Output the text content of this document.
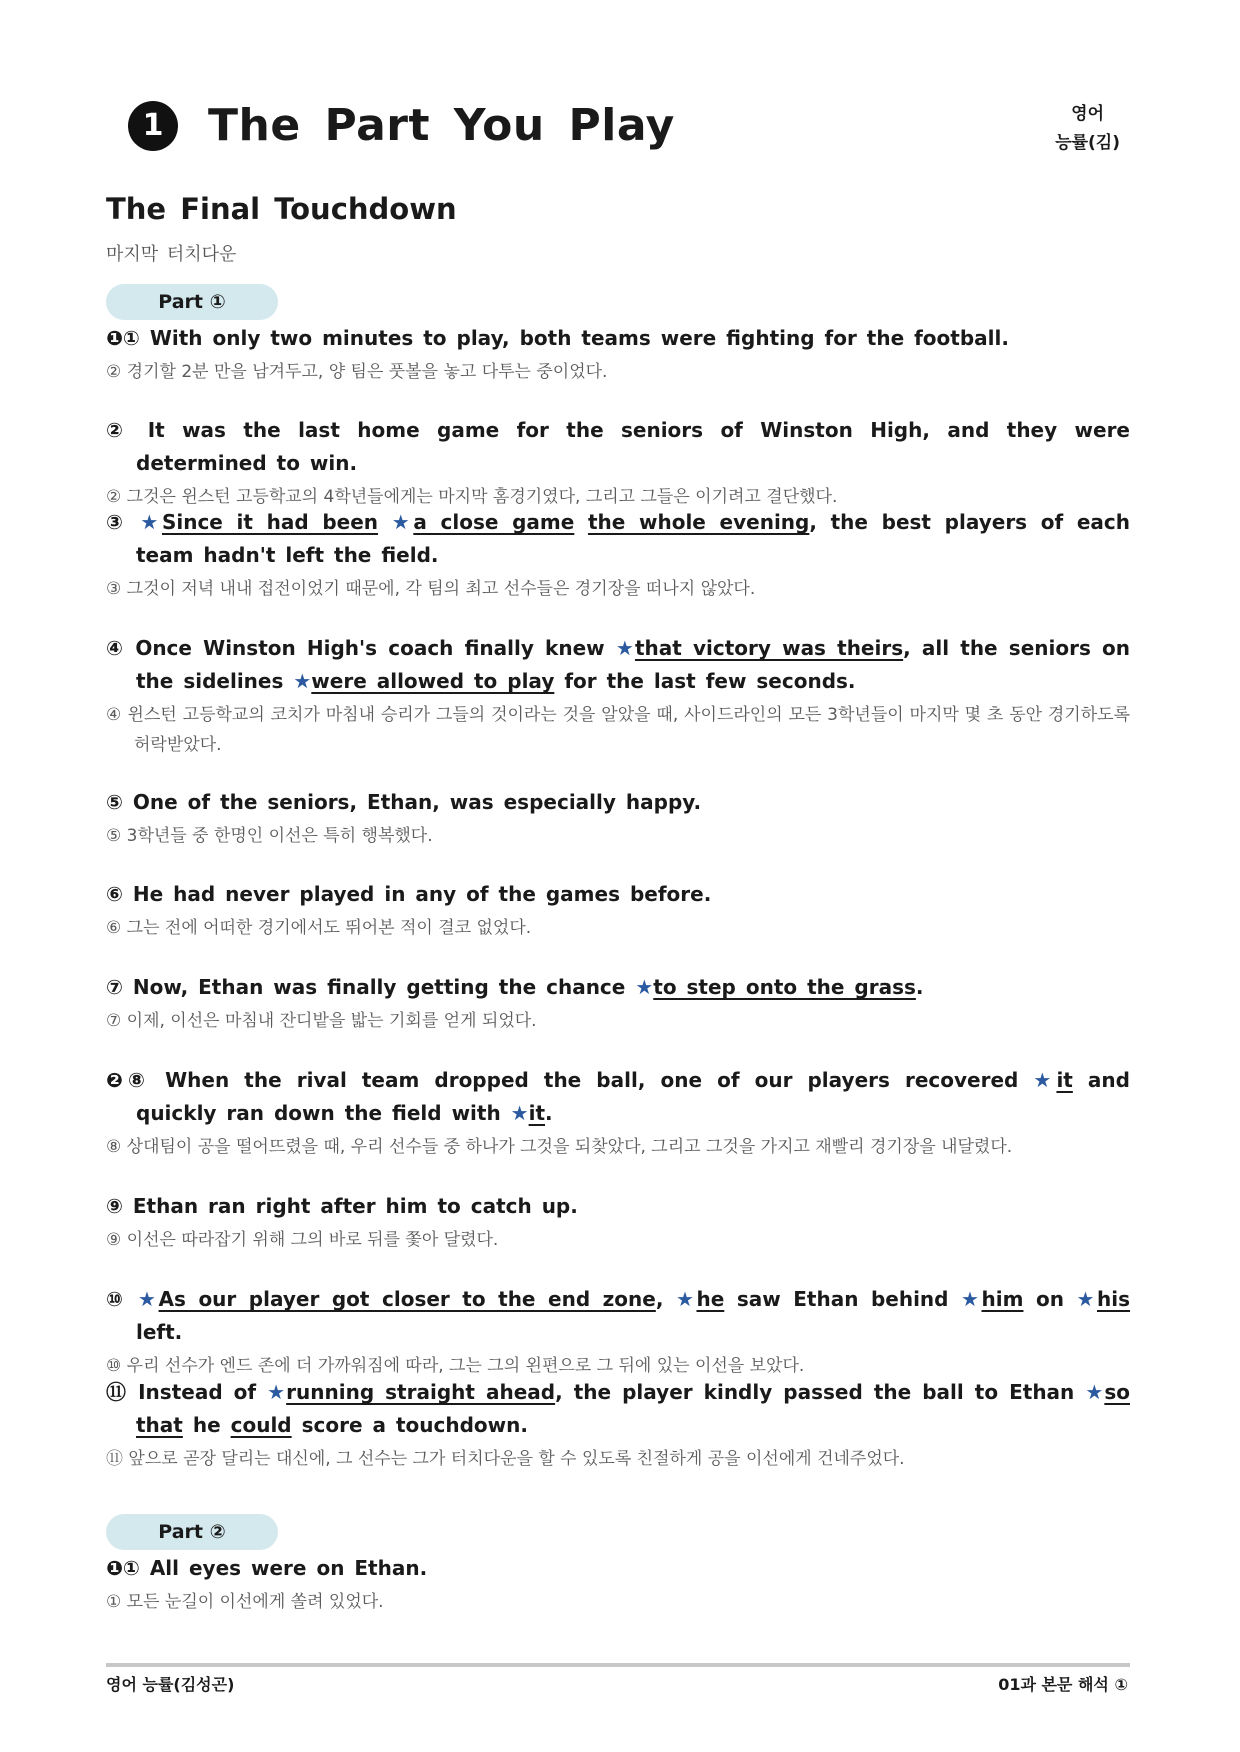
1	The Part You Play	영어
능률(김)
The Final Touchdown
마지막 터치다운
Part ①
❶① With only two minutes to play, both teams were fighting for the football.
② 경기할 2분 만을 남겨두고, 양 팀은 풋볼을 놓고 다투는 중이었다.
② It was the last home game for the seniors of Winston High, and they were determined to win.
② 그것은 윈스턴 고등학교의 4학년들에게는 마지막 홈경기였다, 그리고 그들은 이기려고 결단했다.
③ ★Since it had been ★a close game the whole evening, the best players of each team hadn't left the field.
③ 그것이 저녁 내내 접전이었기 때문에, 각 팀의 최고 선수들은 경기장을 떠나지 않았다.
④ Once Winston High's coach finally knew ★that victory was theirs, all the seniors on the sidelines ★were allowed to play for the last few seconds.
④ 윈스턴 고등학교의 코치가 마침내 승리가 그들의 것이라는 것을 알았을 때, 사이드라인의 모든 3학년들이 마지막 몇 초 동안 경기하도록 허락받았다.
⑤ One of the seniors, Ethan, was especially happy.
⑤ 3학년들 중 한명인 이선은 특히 행복했다.
⑥ He had never played in any of the games before.
⑥ 그는 전에 어떠한 경기에서도 뛰어본 적이 결코 없었다.
⑦ Now, Ethan was finally getting the chance ★to step onto the grass.
⑦ 이제, 이선은 마침내 잔디밭을 밟는 기회를 얻게 되었다.
❷⑧ When the rival team dropped the ball, one of our players recovered ★it and quickly ran down the field with ★it.
⑧ 상대팀이 공을 떨어뜨렸을 때, 우리 선수들 중 하나가 그것을 되찾았다, 그리고 그것을 가지고 재빨리 경기장을 내달렸다.
⑨ Ethan ran right after him to catch up.
⑨ 이선은 따라잡기 위해 그의 바로 뒤를 쫓아 달렸다.
⑩ ★As our player got closer to the end zone, ★he saw Ethan behind ★him on ★his left.
⑩ 우리 선수가 엔드 존에 더 가까워짐에 따라, 그는 그의 왼편으로 그 뒤에 있는 이선을 보았다.
⑪ Instead of ★running straight ahead, the player kindly passed the ball to Ethan ★so that he could score a touchdown.
⑪ 앞으로 곧장 달리는 대신에, 그 선수는 그가 터치다운을 할 수 있도록 친절하게 공을 이선에게 건네주었다.
Part ②
❶① All eyes were on Ethan.
① 모든 눈길이 이선에게 쏠려 있었다.
영어 능률(김성곤)	01과 본문 해석 ①
